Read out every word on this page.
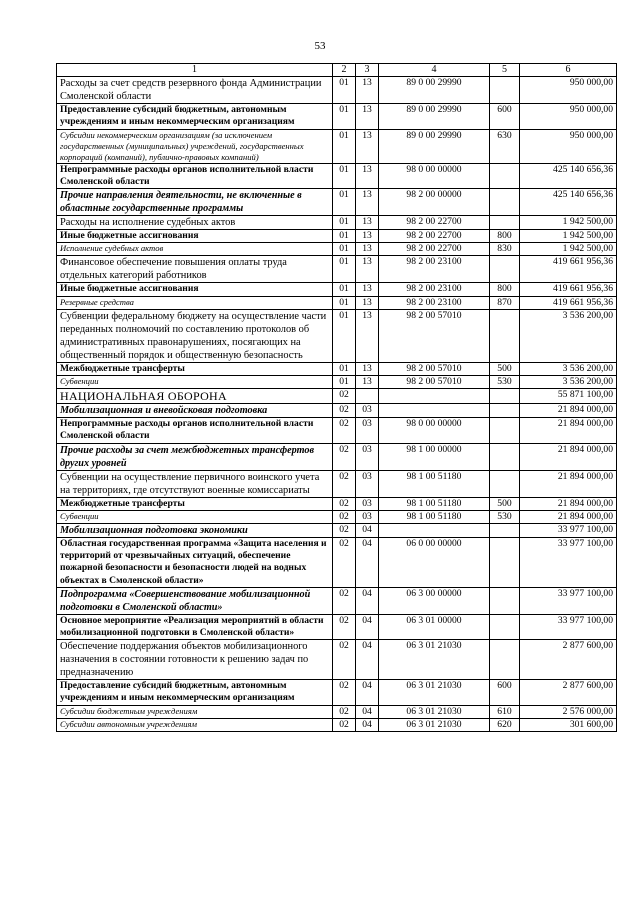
53
1	2	3	4	5	6
Расходы за счет средств резервного фонда Администрации Смоленской области	01	13	89 0 00 29990		950 000,00
Предоставление субсидий бюджетным, автономным учреждениям и иным некоммерческим организациям	01	13	89 0 00 29990	600	950 000,00
Субсидии некоммерческим организациям (за исключением государственных (муниципальных) учреждений, государственных корпораций (компаний), публично-правовых компаний)	01	13	89 0 00 29990	630	950 000,00
Непрограммные расходы органов исполнительной власти Смоленской области	01	13	98 0 00 00000		425 140 656,36
Прочие направления деятельности, не включенные в областные государственные программы	01	13	98 2 00 00000		425 140 656,36
Расходы на исполнение судебных актов	01	13	98 2 00 22700		1 942 500,00
Иные бюджетные ассигнования	01	13	98 2 00 22700	800	1 942 500,00
Исполнение судебных актов	01	13	98 2 00 22700	830	1 942 500,00
Финансовое обеспечение повышения оплаты труда отдельных категорий работников	01	13	98 2 00 23100		419 661 956,36
Иные бюджетные ассигнования	01	13	98 2 00 23100	800	419 661 956,36
Резервные средства	01	13	98 2 00 23100	870	419 661 956,36
Субвенции федеральному бюджету на осуществление части переданных полномочий по составлению протоколов об административных правонарушениях, посягающих на общественный порядок и общественную безопасность	01	13	98 2 00 57010		3 536 200,00
Межбюджетные трансферты	01	13	98 2 00 57010	500	3 536 200,00
Субвенции	01	13	98 2 00 57010	530	3 536 200,00
НАЦИОНАЛЬНАЯ ОБОРОНА	02				55 871 100,00
Мобилизационная и вневойсковая подготовка	02	03			21 894 000,00
Непрограммные расходы органов исполнительной власти Смоленской области	02	03	98 0 00 00000		21 894 000,00
Прочие расходы за счет межбюджетных трансфертов других уровней	02	03	98 1 00 00000		21 894 000,00
Субвенции на осуществление первичного воинского учета на территориях, где отсутствуют военные комиссариаты	02	03	98 1 00 51180		21 894 000,00
Межбюджетные трансферты	02	03	98 1 00 51180	500	21 894 000,00
Субвенции	02	03	98 1 00 51180	530	21 894 000,00
Мобилизационная подготовка экономики	02	04			33 977 100,00
Областная государственная программа «Защита населения и территорий от чрезвычайных ситуаций, обеспечение пожарной безопасности и безопасности людей на водных объектах в Смоленской области»	02	04	06 0 00 00000		33 977 100,00
Подпрограмма «Совершенствование мобилизационной подготовки в Смоленской области»	02	04	06 3 00 00000		33 977 100,00
Основное мероприятие «Реализация мероприятий в области мобилизационной подготовки в Смоленской области»	02	04	06 3 01 00000		33 977 100,00
Обеспечение поддержания объектов мобилизационного назначения в состоянии готовности к решению задач по предназначению	02	04	06 3 01 21030		2 877 600,00
Предоставление субсидий бюджетным, автономным учреждениям и иным некоммерческим организациям	02	04	06 3 01 21030	600	2 877 600,00
Субсидии бюджетным учреждениям	02	04	06 3 01 21030	610	2 576 000,00
Субсидии автономным учреждениям	02	04	06 3 01 21030	620	301 600,00
